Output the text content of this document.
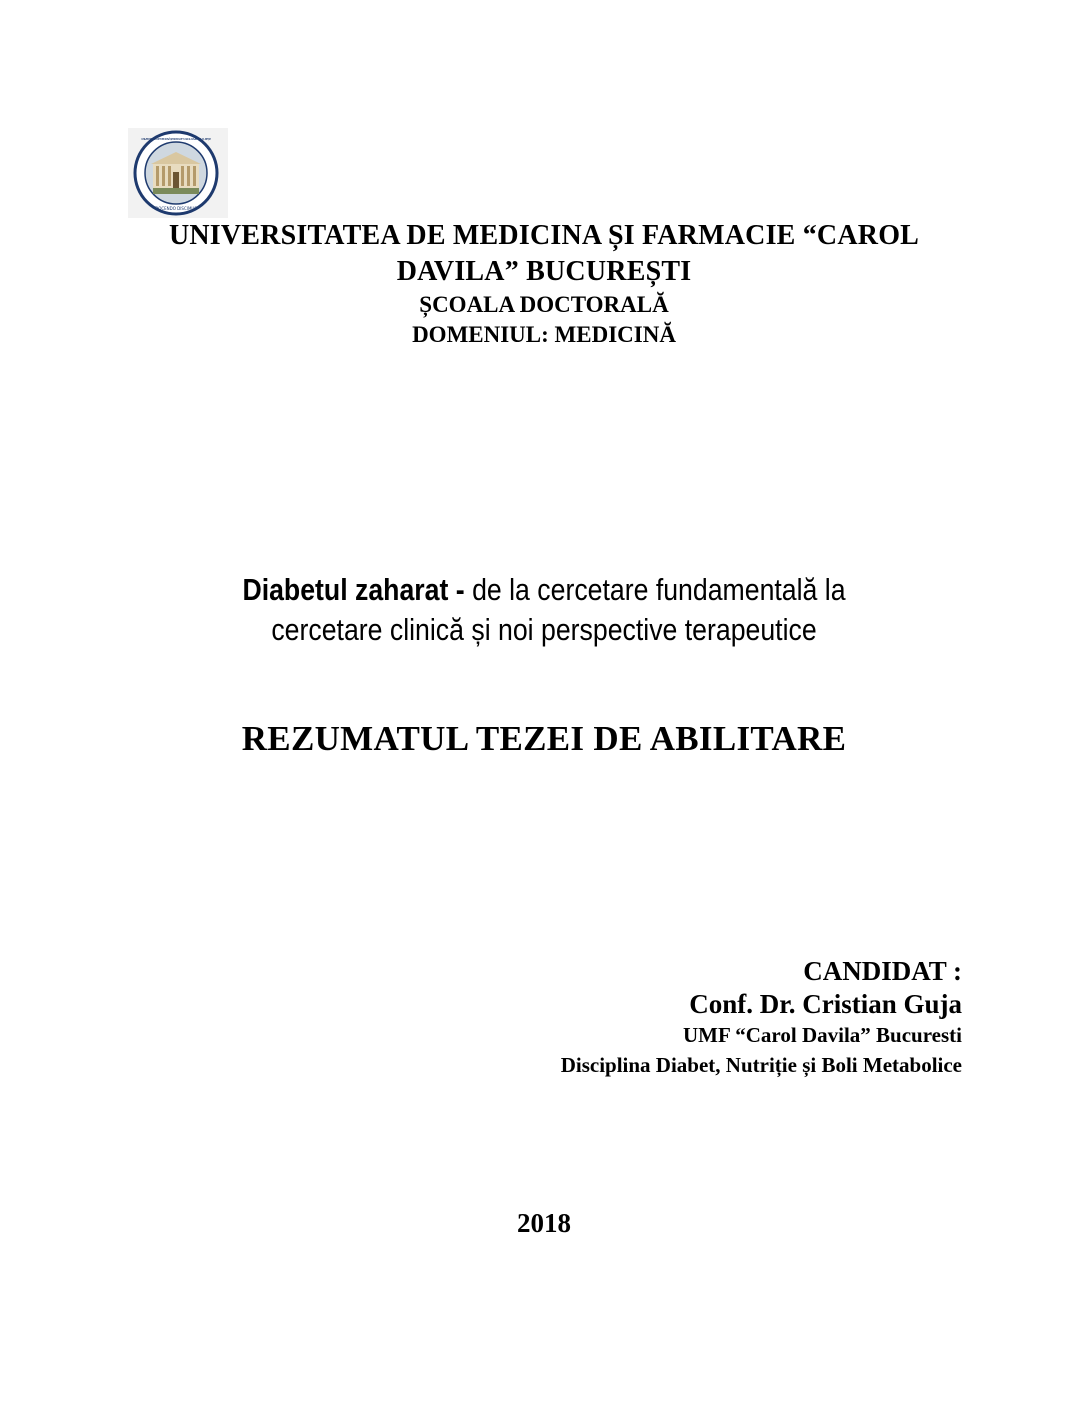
DOCENDO DISCIMUS
1857
UNIVERSITATEA DE MEDICINĂ ȘI FARMACIE "CAROL DAVILA" BUCUREȘTI
UNIVERSITATEA DE MEDICINA ȘI FARMACIE “CAROL
DAVILA” BUCUREȘTI
ȘCOALA DOCTORALĂ
DOMENIUL: MEDICINĂ
Diabetul zaharat - de la cercetare fundamentală la
cercetare clinică și noi perspective terapeutice
REZUMATUL TEZEI DE ABILITARE
CANDIDAT :
Conf. Dr. Cristian Guja
UMF “Carol Davila” Bucuresti
Disciplina Diabet, Nutriție și Boli Metabolice
2018
